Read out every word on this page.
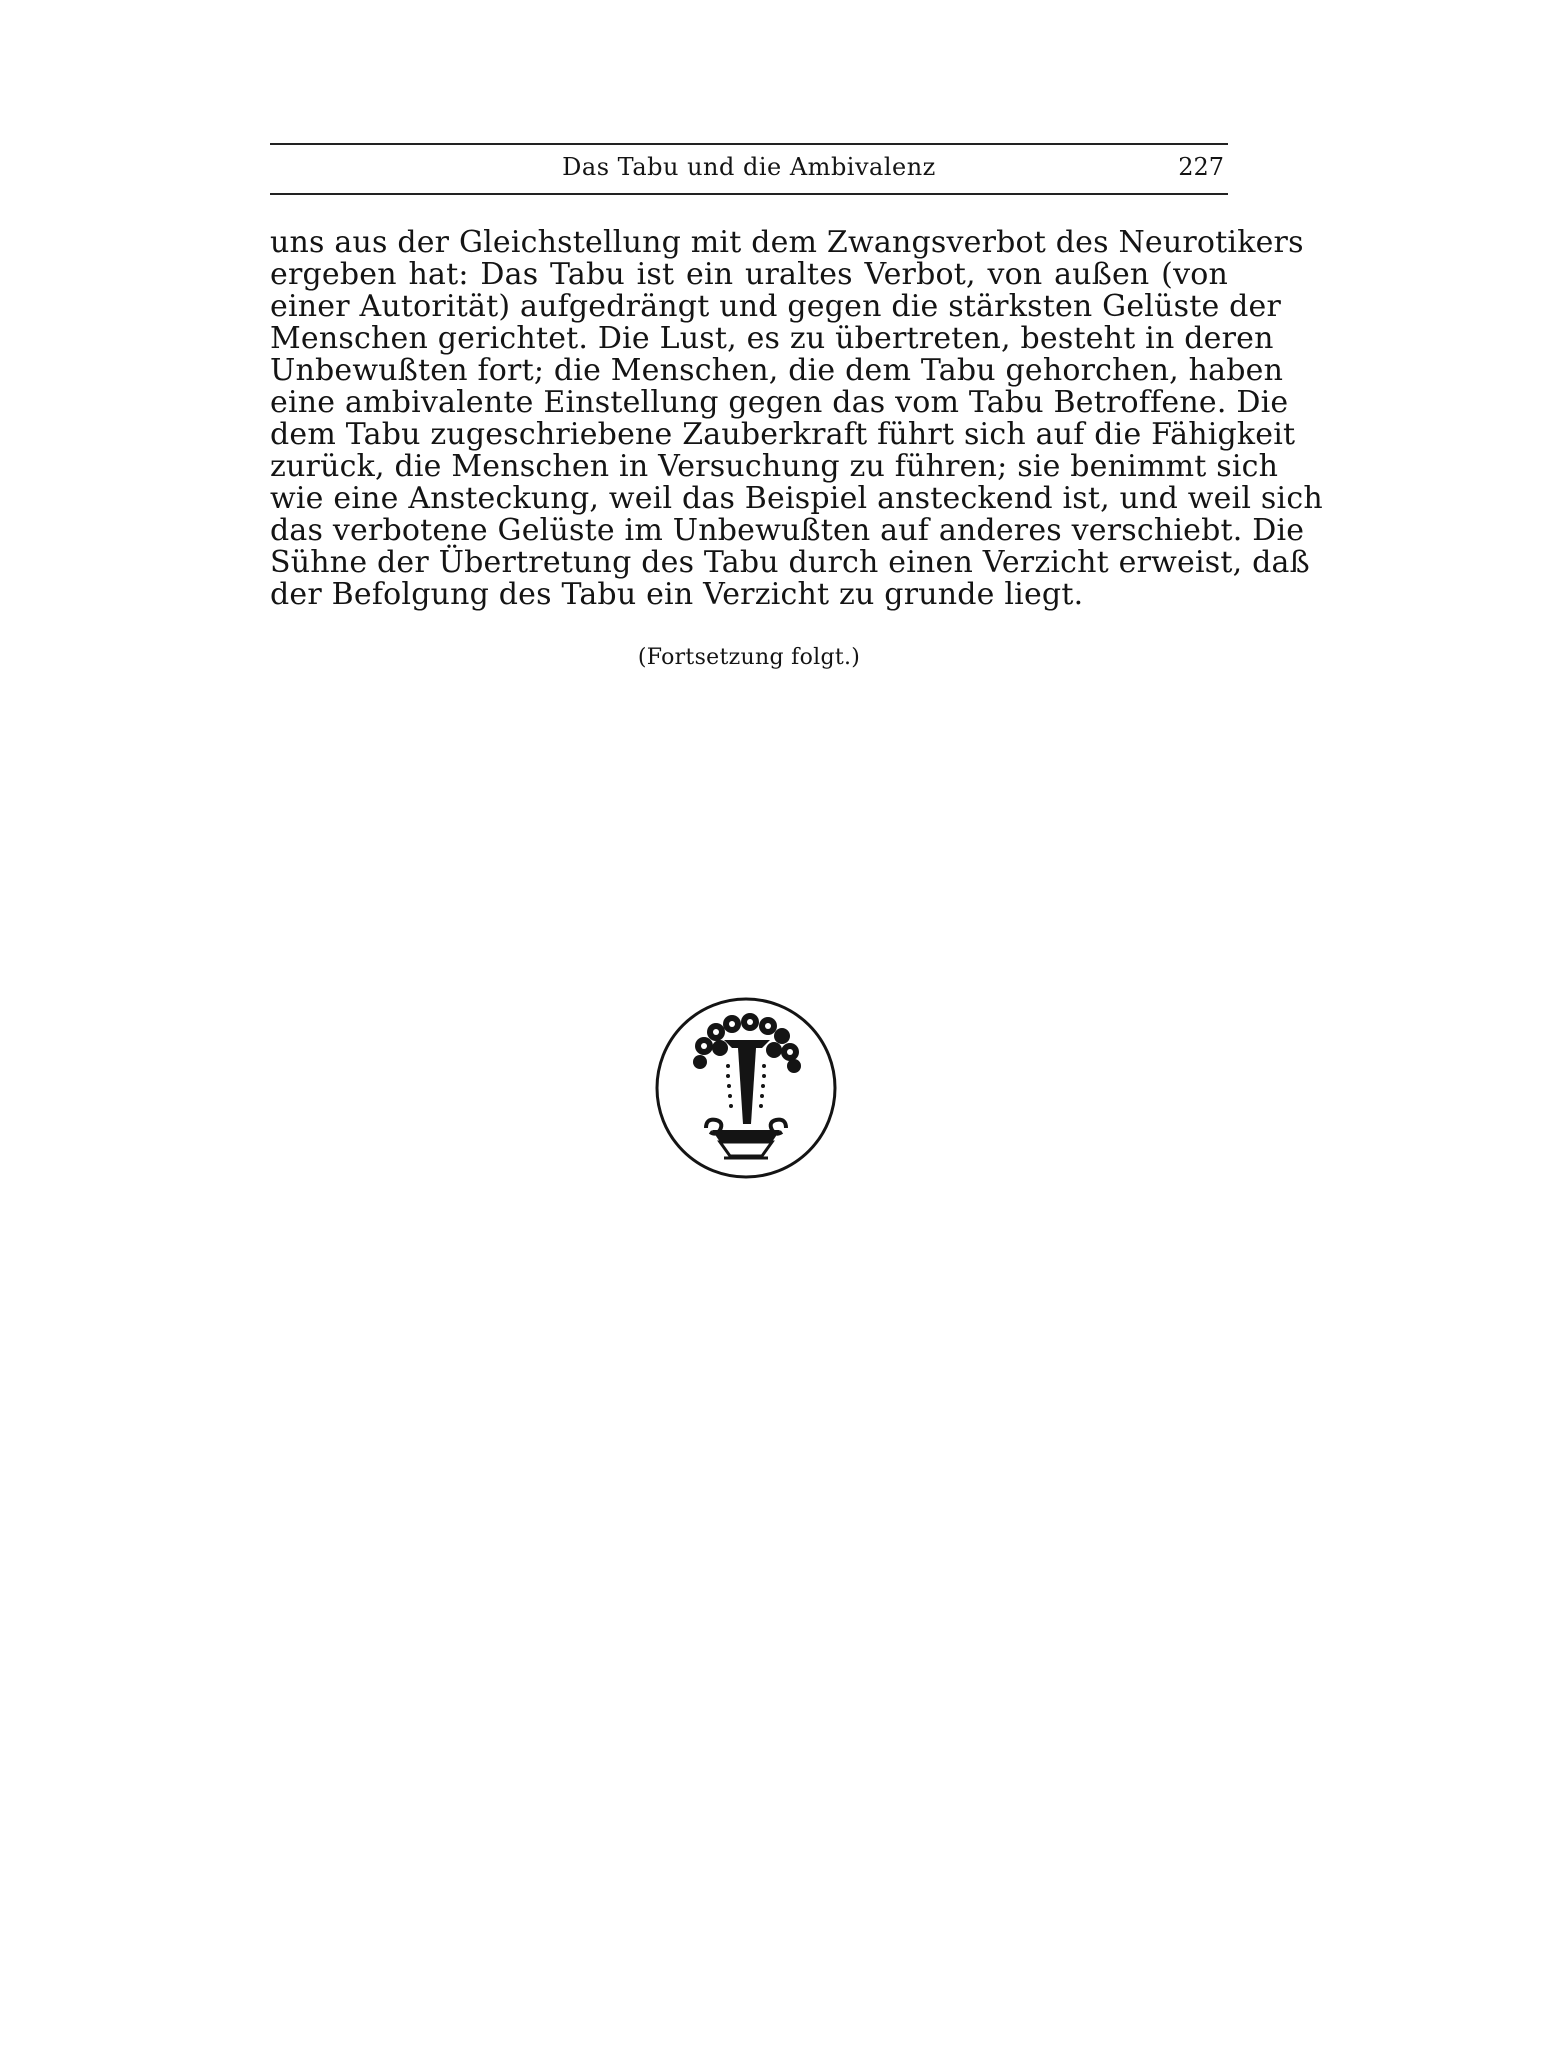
Das Tabu und die Ambivalenz	227
uns aus der Gleichstellung mit dem Zwangsverbot des Neurotikers
ergeben hat: Das Tabu ist ein uraltes Verbot, von außen (von
einer Autorität) aufgedrängt und gegen die stärksten Gelüste der
Menschen gerichtet. Die Lust, es zu übertreten, besteht in deren
Unbewußten fort; die Menschen, die dem Tabu gehorchen, haben
eine ambivalente Einstellung gegen das vom Tabu Betroffene. Die
dem Tabu zugeschriebene Zauberkraft führt sich auf die Fähigkeit
zurück, die Menschen in Versuchung zu führen; sie benimmt sich
wie eine Ansteckung, weil das Beispiel ansteckend ist, und weil sich
das verbotene Gelüste im Unbewußten auf anderes verschiebt. Die
Sühne der Übertretung des Tabu durch einen Verzicht erweist, daß
der Befolgung des Tabu ein Verzicht zu grunde liegt.
(Fortsetzung folgt.)
